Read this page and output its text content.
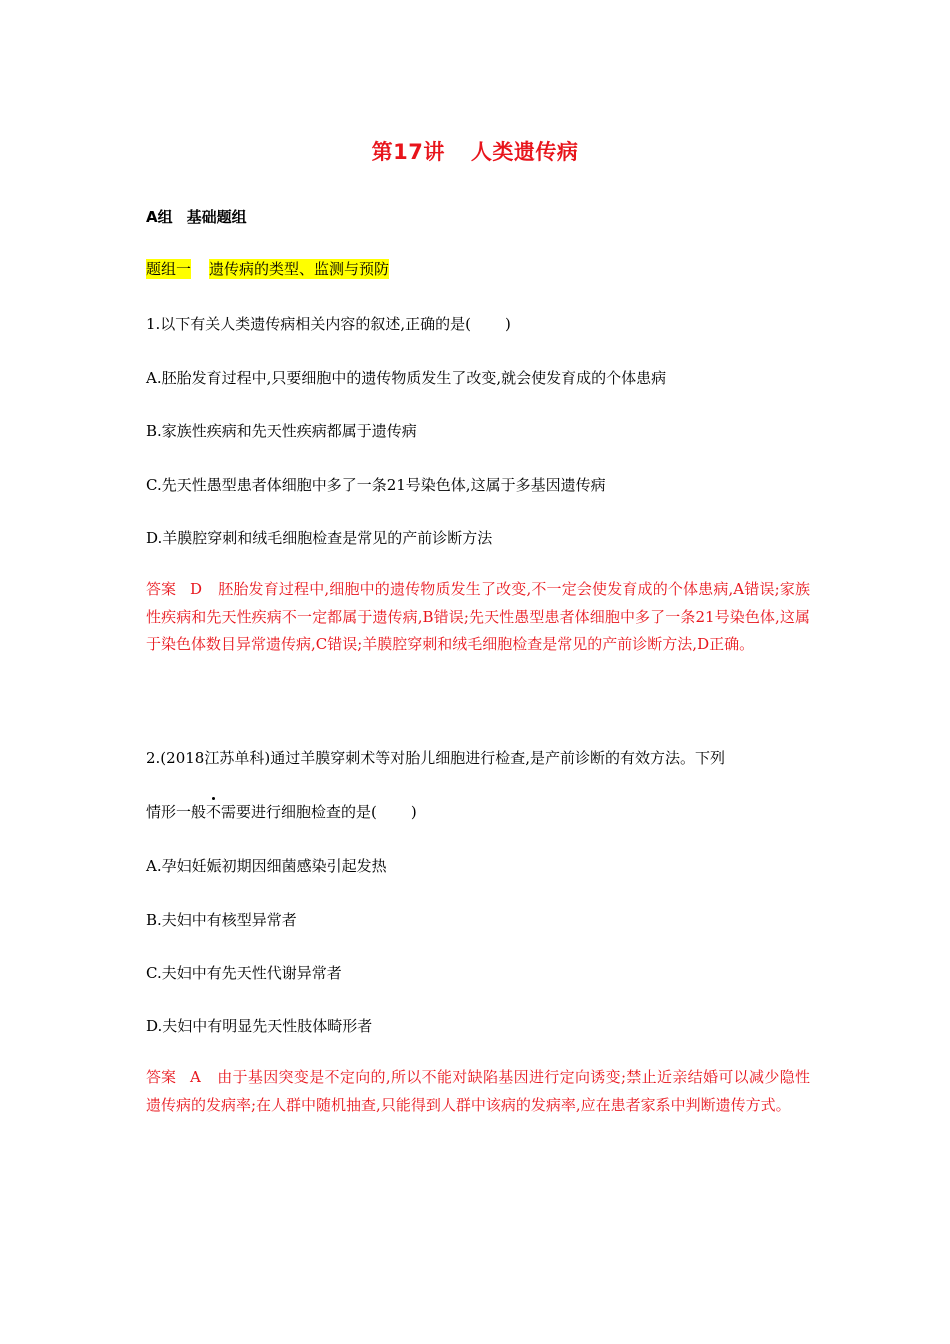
第17讲 人类遗传病
A组 基础题组
题组一 遗传病的类型、监测与预防
1.以下有关人类遗传病相关内容的叙述,正确的是( )
A.胚胎发育过程中,只要细胞中的遗传物质发生了改变,就会使发育成的个体患病
B.家族性疾病和先天性疾病都属于遗传病
C.先天性愚型患者体细胞中多了一条21号染色体,这属于多基因遗传病
D.羊膜腔穿刺和绒毛细胞检查是常见的产前诊断方法
答案 D 胚胎发育过程中,细胞中的遗传物质发生了改变,不一定会使发育成的个体患病,A错误;家族性疾病和先天性疾病不一定都属于遗传病,B错误;先天性愚型患者体细胞中多了一条21号染色体,这属于染色体数目异常遗传病,C错误;羊膜腔穿刺和绒毛细胞检查是常见的产前诊断方法,D正确。
2.(2018江苏单科)通过羊膜穿刺术等对胎儿细胞进行检查,是产前诊断的有效方法。下列
情形一般不需要进行细胞检查的是( )
A.孕妇妊娠初期因细菌感染引起发热
B.夫妇中有核型异常者
C.夫妇中有先天性代谢异常者
D.夫妇中有明显先天性肢体畸形者
答案 A 由于基因突变是不定向的,所以不能对缺陷基因进行定向诱变;禁止近亲结婚可以减少隐性遗传病的发病率;在人群中随机抽查,只能得到人群中该病的发病率,应在患者家系中判断遗传方式。
